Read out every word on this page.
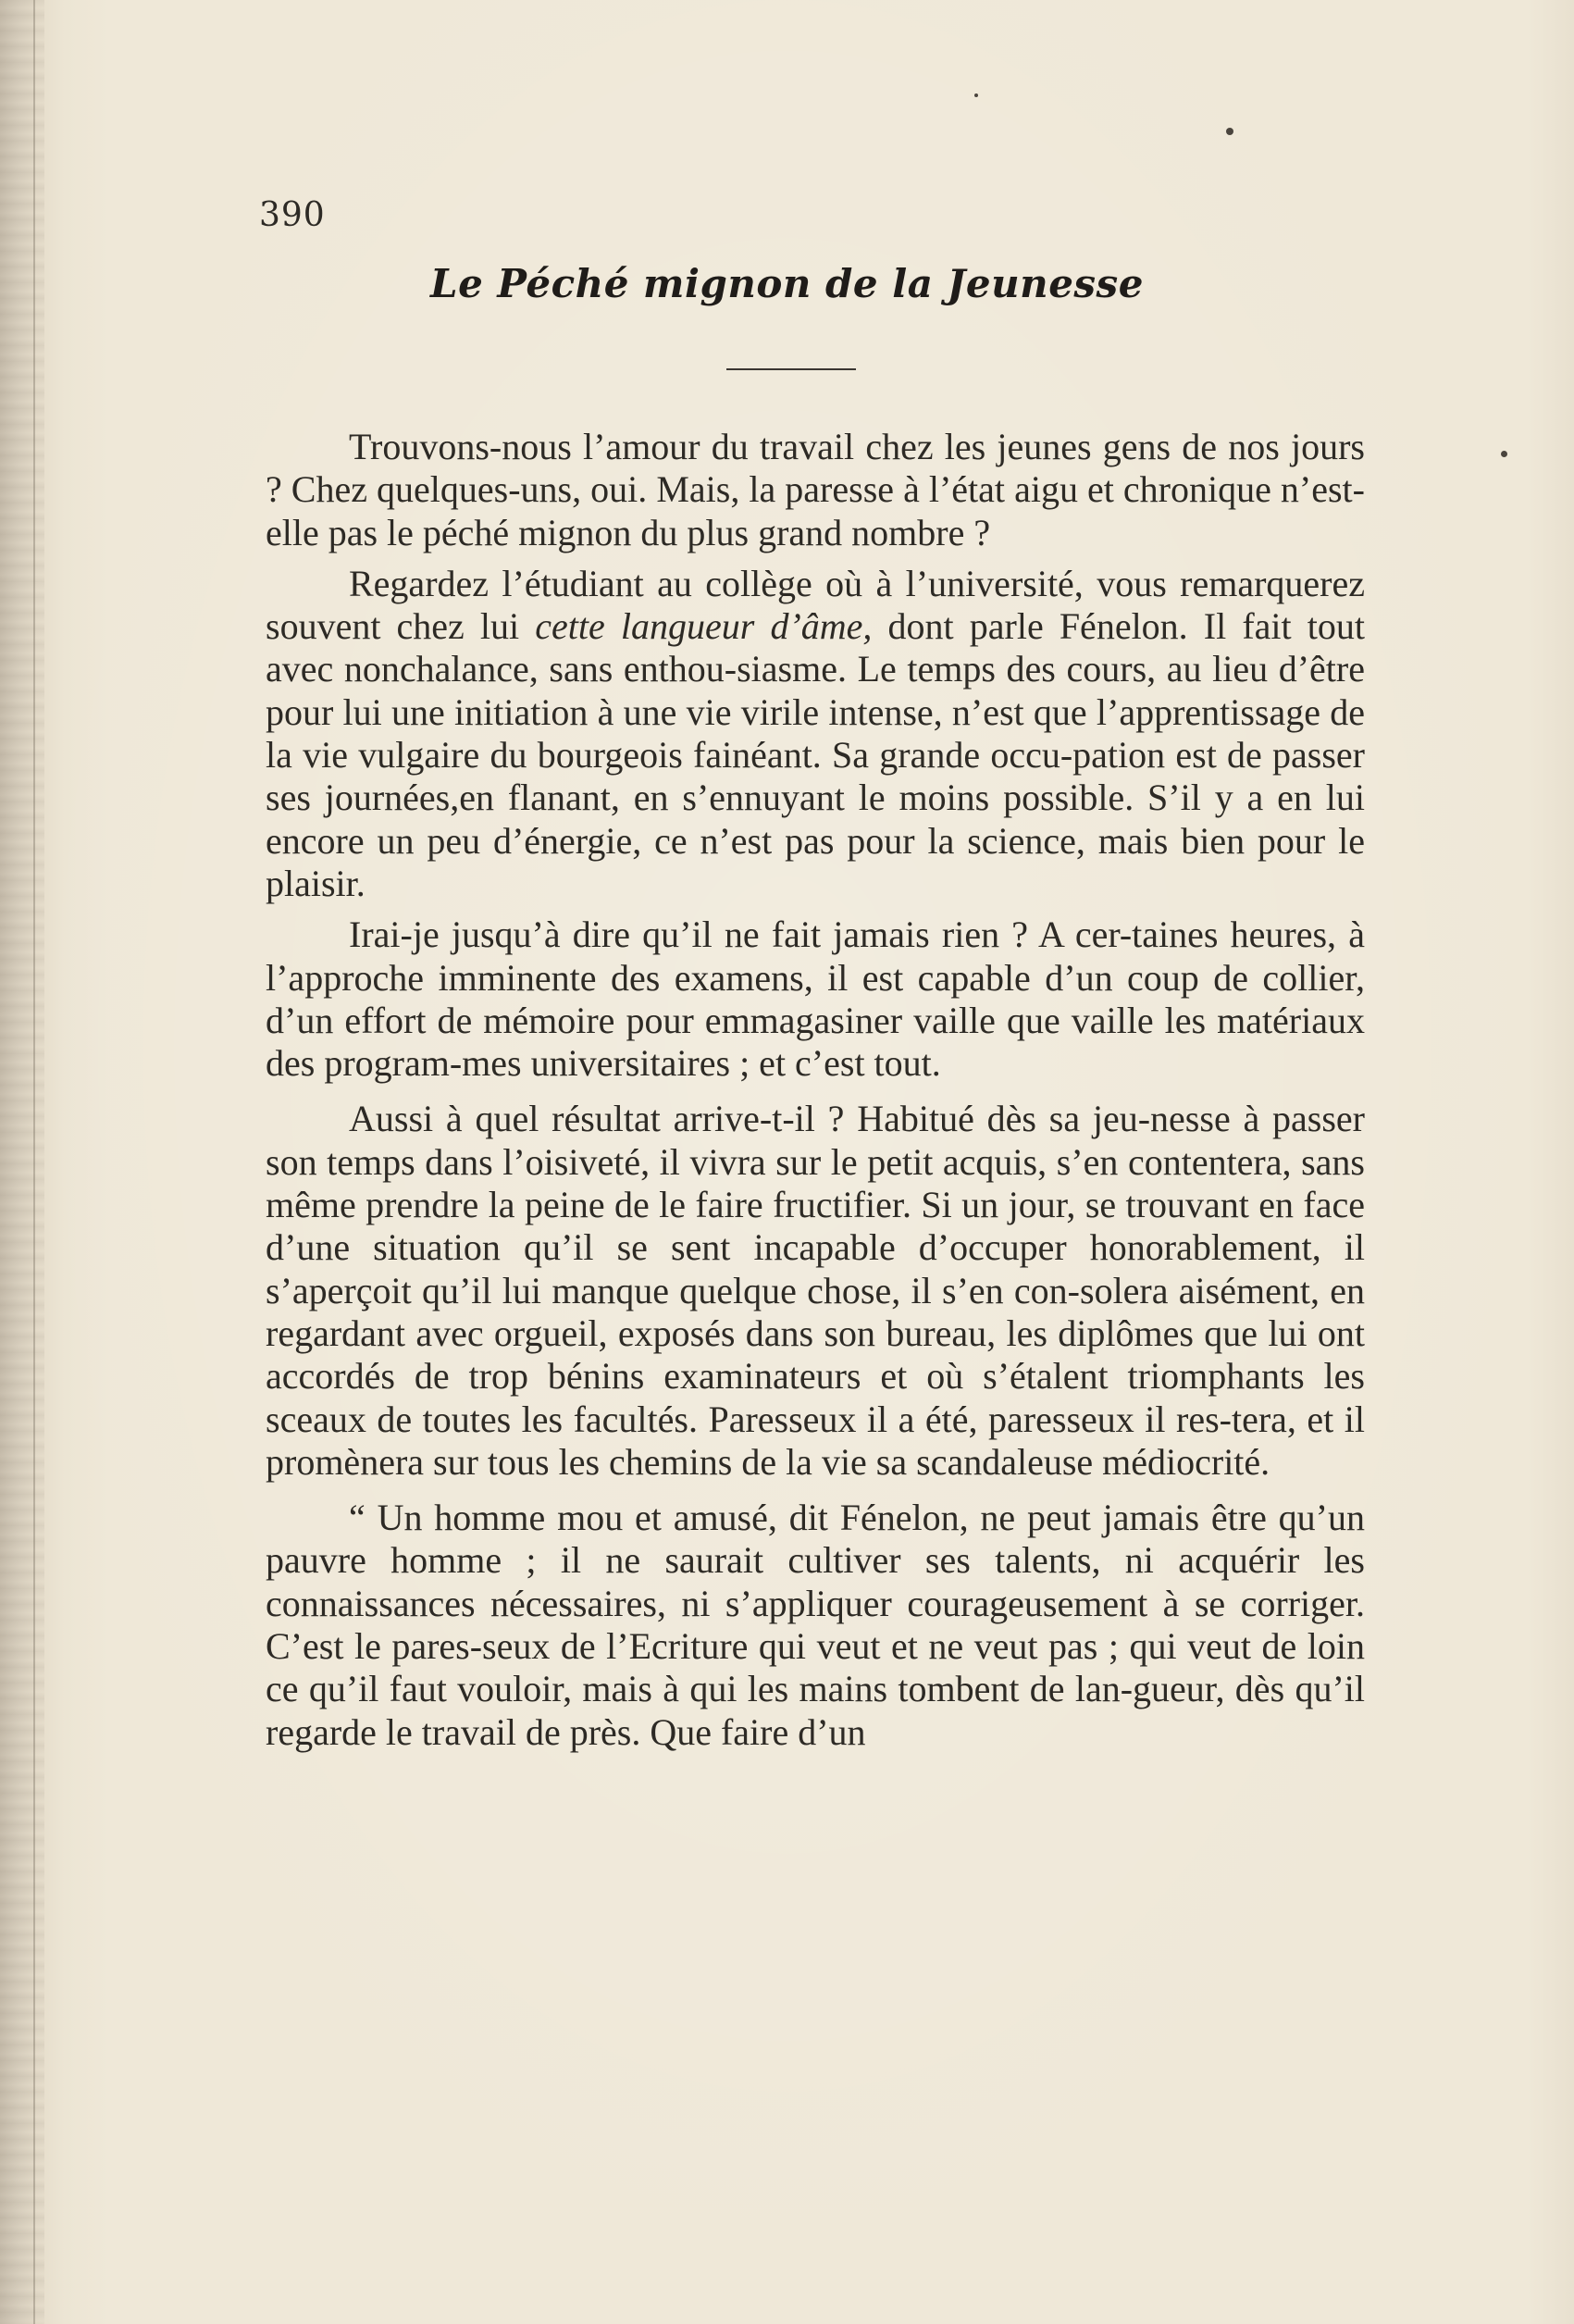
390
Le Péché mignon de la Jeunesse

Trouvons-nous l’amour du travail chez les jeunes gens de nos jours ? Chez quelques-uns, oui. Mais, la paresse à l’état aigu et chronique n’est-elle pas le péché mignon du plus grand nombre ?

Regardez l’étudiant au collège où à l’université, vous remarquerez souvent chez lui cette langueur d’âme, dont parle Fénelon. Il fait tout avec nonchalance, sans enthou-siasme. Le temps des cours, au lieu d’être pour lui une initiation à une vie virile intense, n’est que l’apprentissage de la vie vulgaire du bourgeois fainéant. Sa grande occu-pation est de passer ses journées,en flanant, en s’ennuyant le moins possible. S’il y a en lui encore un peu d’énergie, ce n’est pas pour la science, mais bien pour le plaisir.

Irai-je jusqu’à dire qu’il ne fait jamais rien ? A cer-taines heures, à l’approche imminente des examens, il est capable d’un coup de collier, d’un effort de mémoire pour emmagasiner vaille que vaille les matériaux des program-mes universitaires ; et c’est tout.

Aussi à quel résultat arrive-t-il ? Habitué dès sa jeu-nesse à passer son temps dans l’oisiveté, il vivra sur le petit acquis, s’en contentera, sans même prendre la peine de le faire fructifier. Si un jour, se trouvant en face d’une situation qu’il se sent incapable d’occuper honorablement, il s’aperçoit qu’il lui manque quelque chose, il s’en con-solera aisément, en regardant avec orgueil, exposés dans son bureau, les diplômes que lui ont accordés de trop bénins examinateurs et où s’étalent triomphants les sceaux de toutes les facultés. Paresseux il a été, paresseux il res-tera, et il promènera sur tous les chemins de la vie sa scandaleuse médiocrité.

“ Un homme mou et amusé, dit Fénelon, ne peut jamais être qu’un pauvre homme ; il ne saurait cultiver ses talents, ni acquérir les connaissances nécessaires, ni s’appliquer courageusement à se corriger. C’est le pares-seux de l’Ecriture qui veut et ne veut pas ; qui veut de loin ce qu’il faut vouloir, mais à qui les mains tombent de lan-gueur, dès qu’il regarde le travail de près. Que faire d’un
